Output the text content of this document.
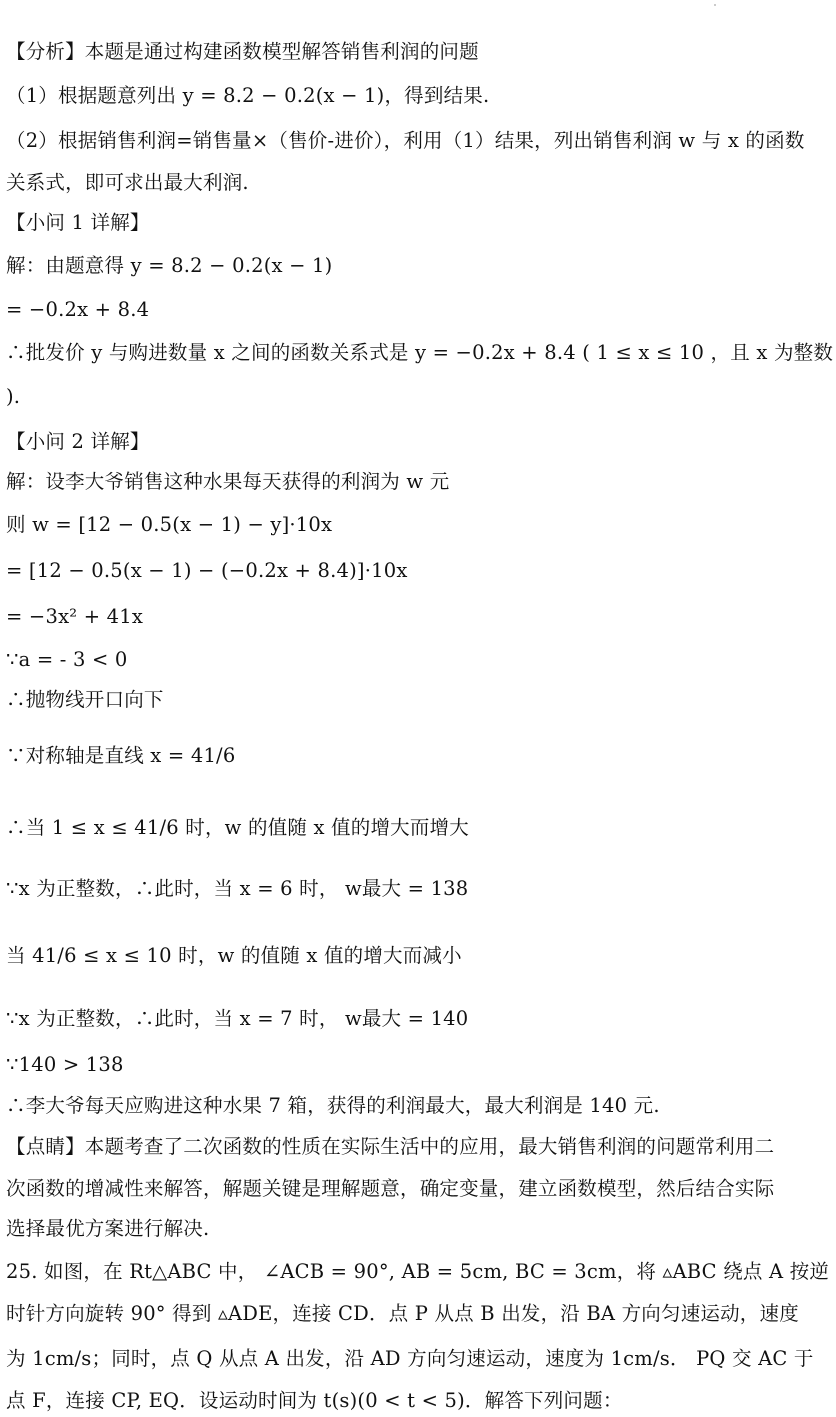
【分析】本题是通过构建函数模型解答销售利润的问题
（1）根据题意列出 y = 8.2 − 0.2(x − 1)，得到结果.
（2）根据销售利润=销售量×（售价-进价），利用（1）结果，列出销售利润 w 与 x 的函数
关系式，即可求出最大利润.
【小问 1 详解】
解：由题意得 y = 8.2 − 0.2(x − 1)
= −0.2x + 8.4
∴批发价 y 与购进数量 x 之间的函数关系式是 y = −0.2x + 8.4 ( 1 ≤ x ≤ 10 ，且 x 为整数
).
【小问 2 详解】
解：设李大爷销售这种水果每天获得的利润为 w 元
则 w = [12 − 0.5(x − 1) − y]·10x
= [12 − 0.5(x − 1) − (−0.2x + 8.4)]·10x
= −3x² + 41x
∵a = - 3 < 0
∴抛物线开口向下
∵对称轴是直线 x = 41/6
∴当 1 ≤ x ≤ 41/6 时，w 的值随 x 值的增大而增大
∵x 为正整数，∴此时，当 x = 6 时， w最大 = 138
当 41/6 ≤ x ≤ 10 时，w 的值随 x 值的增大而减小
∵x 为正整数，∴此时，当 x = 7 时， w最大 = 140
∵140 > 138
∴李大爷每天应购进这种水果 7 箱，获得的利润最大，最大利润是 140 元.
【点睛】本题考查了二次函数的性质在实际生活中的应用，最大销售利润的问题常利用二
次函数的增减性来解答，解题关键是理解题意，确定变量，建立函数模型，然后结合实际
选择最优方案进行解决.
25. 如图，在 Rt△ABC 中， ∠ACB = 90°, AB = 5cm, BC = 3cm，将 ▵ABC 绕点 A 按逆
时针方向旋转 90° 得到 ▵ADE，连接 CD．点 P 从点 B 出发，沿 BA 方向匀速运动，速度
为 1cm/s；同时，点 Q 从点 A 出发，沿 AD 方向匀速运动，速度为 1cm/s． PQ 交 AC 于
点 F，连接 CP, EQ．设运动时间为 t(s)(0 < t < 5)．解答下列问题：
